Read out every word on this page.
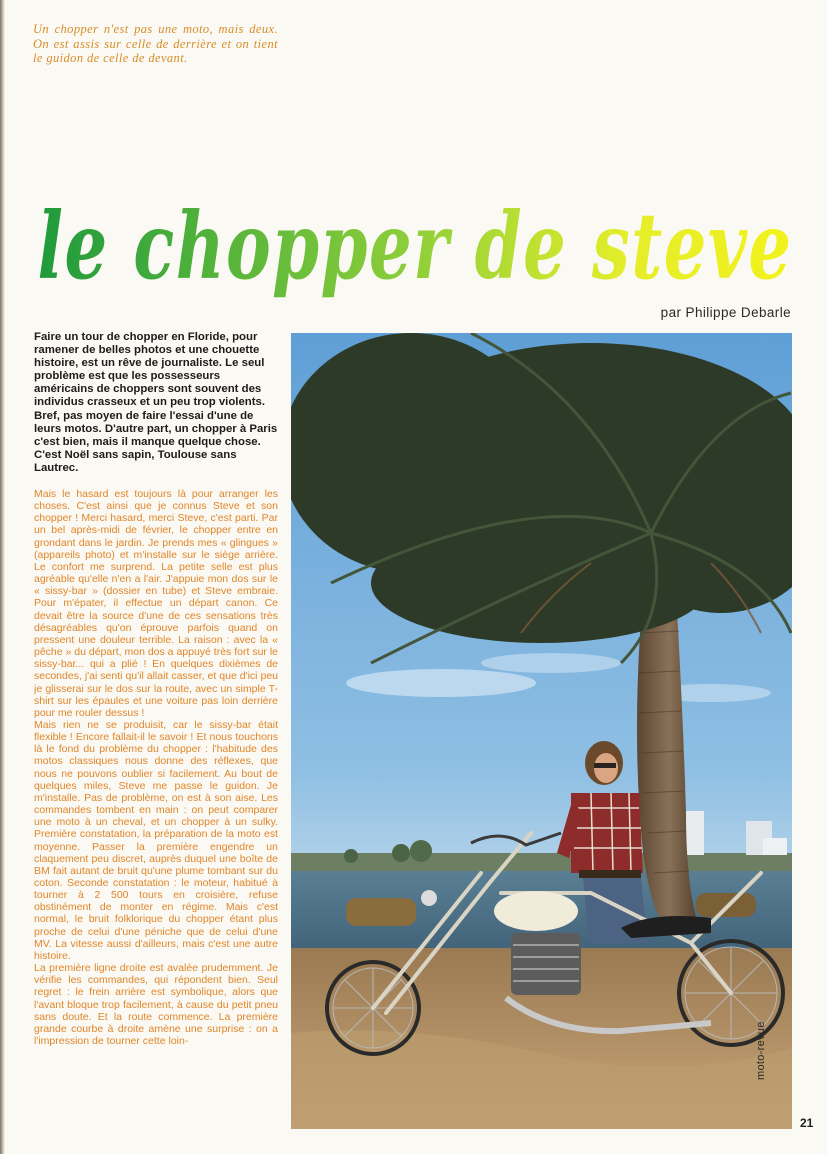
Un chopper n'est pas une moto, mais deux. On est assis sur celle de derrière et on tient le guidon de celle de devant.
le chopper de steve
par Philippe Debarle
Faire un tour de chopper en Floride, pour ramener de belles photos et une chouette histoire, est un rêve de journaliste. Le seul problème est que les possesseurs américains de choppers sont souvent des individus crasseux et un peu trop violents. Bref, pas moyen de faire l'essai d'une de leurs motos. D'autre part, un chopper à Paris c'est bien, mais il manque quelque chose. C'est Noël sans sapin, Toulouse sans Lautrec.

Mais le hasard est toujours là pour arranger les choses. C'est ainsi que je connus Steve et son chopper ! Merci hasard, merci Steve, c'est parti. Par un bel après-midi de février, le chopper entre en grondant dans le jardin. Je prends mes « glingues » (appareils photo) et m'installe sur le siège arrière. Le confort me surprend. La petite selle est plus agréable qu'elle n'en a l'air. J'appuie mon dos sur le « sissy-bar » (dossier en tube) et Steve embraie. Pour m'épater, il effectue un départ canon. Ce devait être la source d'une de ces sensations très désagréables qu'on éprouve parfois quand on pressent une douleur terrible. La raison : avec la « pêche » du départ, mon dos a appuyé très fort sur le sissy-bar... qui a plié ! En quelques dixièmes de secondes, j'ai senti qu'il allait casser, et que d'ici peu je glisserai sur le dos sur la route, avec un simple T-shirt sur les épaules et une voiture pas loin derrière pour me rouler dessus !

Mais rien ne se produisit, car le sissy-bar était flexible ! Encore fallait-il le savoir ! Et nous touchons là le fond du problème du chopper : l'habitude des motos classiques nous donne des réflexes, que nous ne pouvons oublier si facilement. Au bout de quelques miles, Steve me passe le guidon. Je m'installe. Pas de problème, on est à son aise. Les commandes tombent en main : on peut comparer une moto à un cheval, et un chopper à un sulky. Première constatation, la préparation de la moto est moyenne. Passer la première engendre un claquement peu discret, auprès duquel une boîte de BM fait autant de bruit qu'une plume tombant sur du coton. Seconde constatation : le moteur, habitué à tourner à 2 500 tours en croisière, refuse obstinément de monter en régime. Mais c'est normal, le bruit folklorique du chopper étant plus proche de celui d'une péniche que de celui d'une MV. La vitesse aussi d'ailleurs, mais c'est une autre histoire.

La première ligne droite est avalée prudemment. Je vérifie les commandes, qui répondent bien. Seul regret : le frein arrière est symbolique, alors que l'avant bloque trop facilement, à cause du petit pneu sans doute. Et la route commence. La première grande courbe à droite amène une surprise : on a l'impression de tourner cette loin-	moto-revue
21
